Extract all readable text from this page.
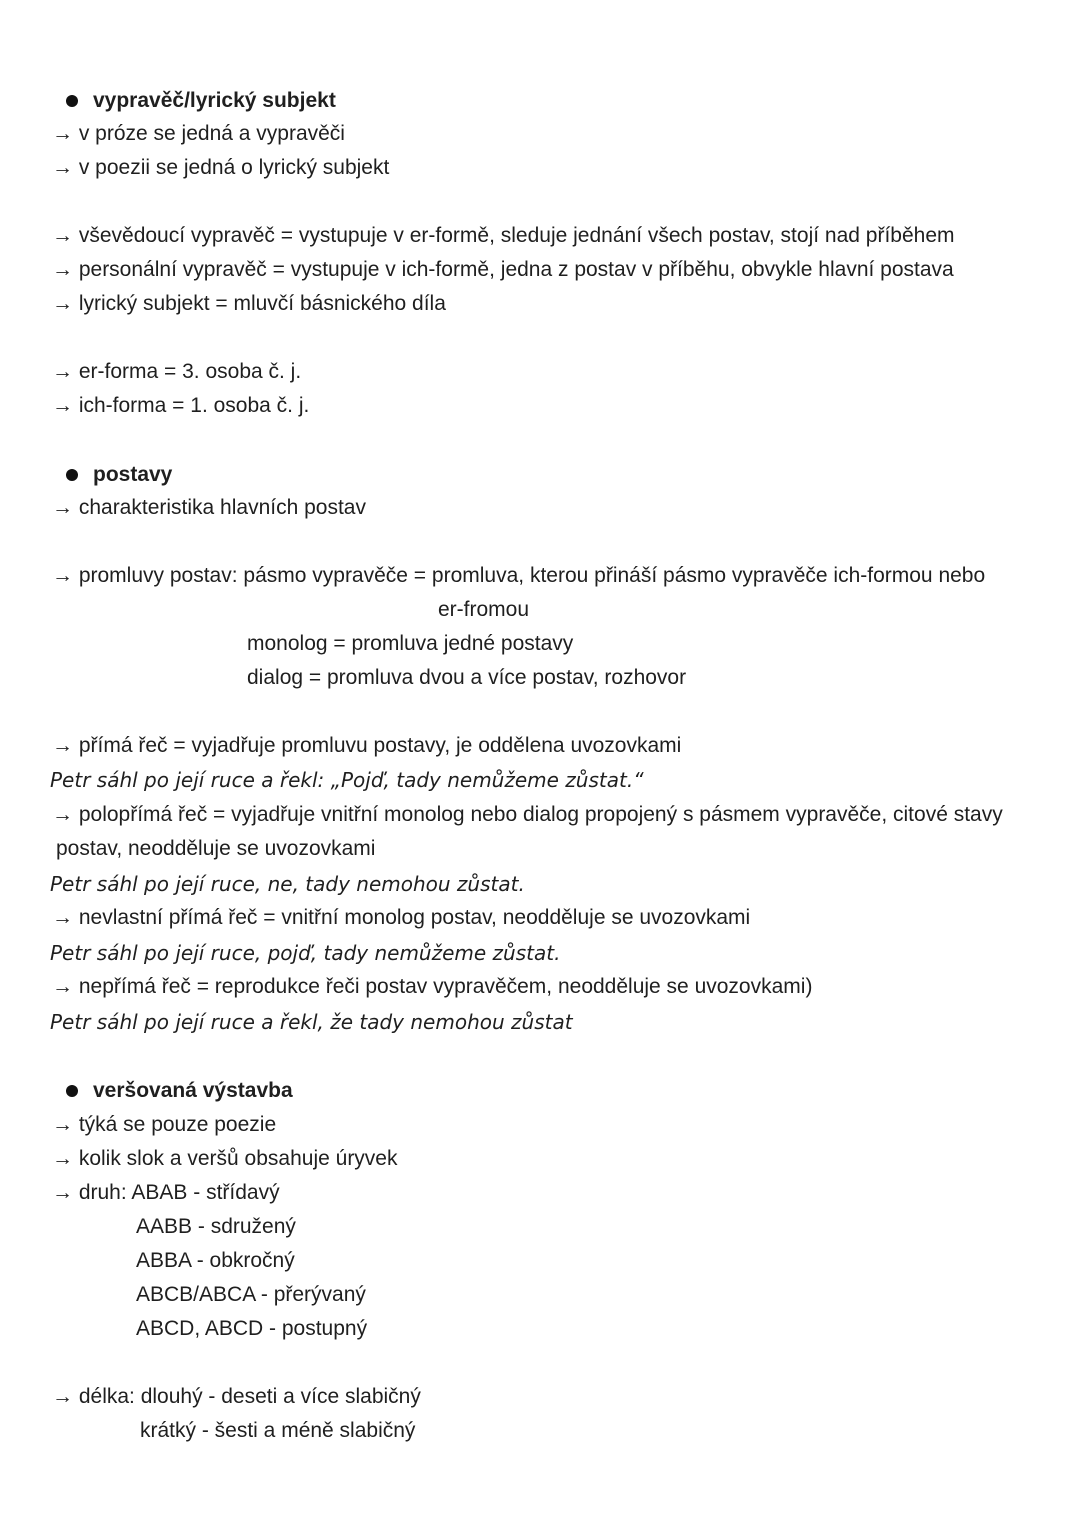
vypravěč/lyrický subjekt
→ v próze se jedná a vypravěči
→ v poezii se jedná o lyrický subjekt
→ vševědoucí vypravěč = vystupuje v er-formě, sleduje jednání všech postav, stojí nad příběhem
→ personální vypravěč = vystupuje v ich-formě, jedna z postav v příběhu, obvykle hlavní postava
→ lyrický subjekt = mluvčí básnického díla
→ er-forma = 3. osoba č. j.
→ ich-forma = 1. osoba č. j.
postavy
→ charakteristika hlavních postav
→ promluvy postav: pásmo vypravěče = promluva, kterou přináší pásmo vypravěče ich-formou nebo
er-fromou
monolog = promluva jedné postavy
dialog = promluva dvou a více postav, rozhovor
→ přímá řeč = vyjadřuje promluvu postavy, je oddělena uvozovkami
Petr sáhl po její ruce a řekl: „Pojď, tady nemůžeme zůstat.“
→ polopřímá řeč = vyjadřuje vnitřní monolog nebo dialog propojený s pásmem vypravěče, citové stavy
postav, neodděluje se uvozovkami
Petr sáhl po její ruce, ne, tady nemohou zůstat.
→ nevlastní přímá řeč = vnitřní monolog postav, neodděluje se uvozovkami
Petr sáhl po její ruce, pojď, tady nemůžeme zůstat.
→ nepřímá řeč = reprodukce řeči postav vypravěčem, neodděluje se uvozovkami)
Petr sáhl po její ruce a řekl, že tady nemohou zůstat
veršovaná výstavba
→ týká se pouze poezie
→ kolik slok a veršů obsahuje úryvek
→ druh: ABAB - střídavý
AABB - sdružený
ABBA - obkročný
ABCB/ABCA - přerývaný
ABCD, ABCD - postupný
→ délka: dlouhý - deseti a více slabičný
krátký - šesti a méně slabičný
